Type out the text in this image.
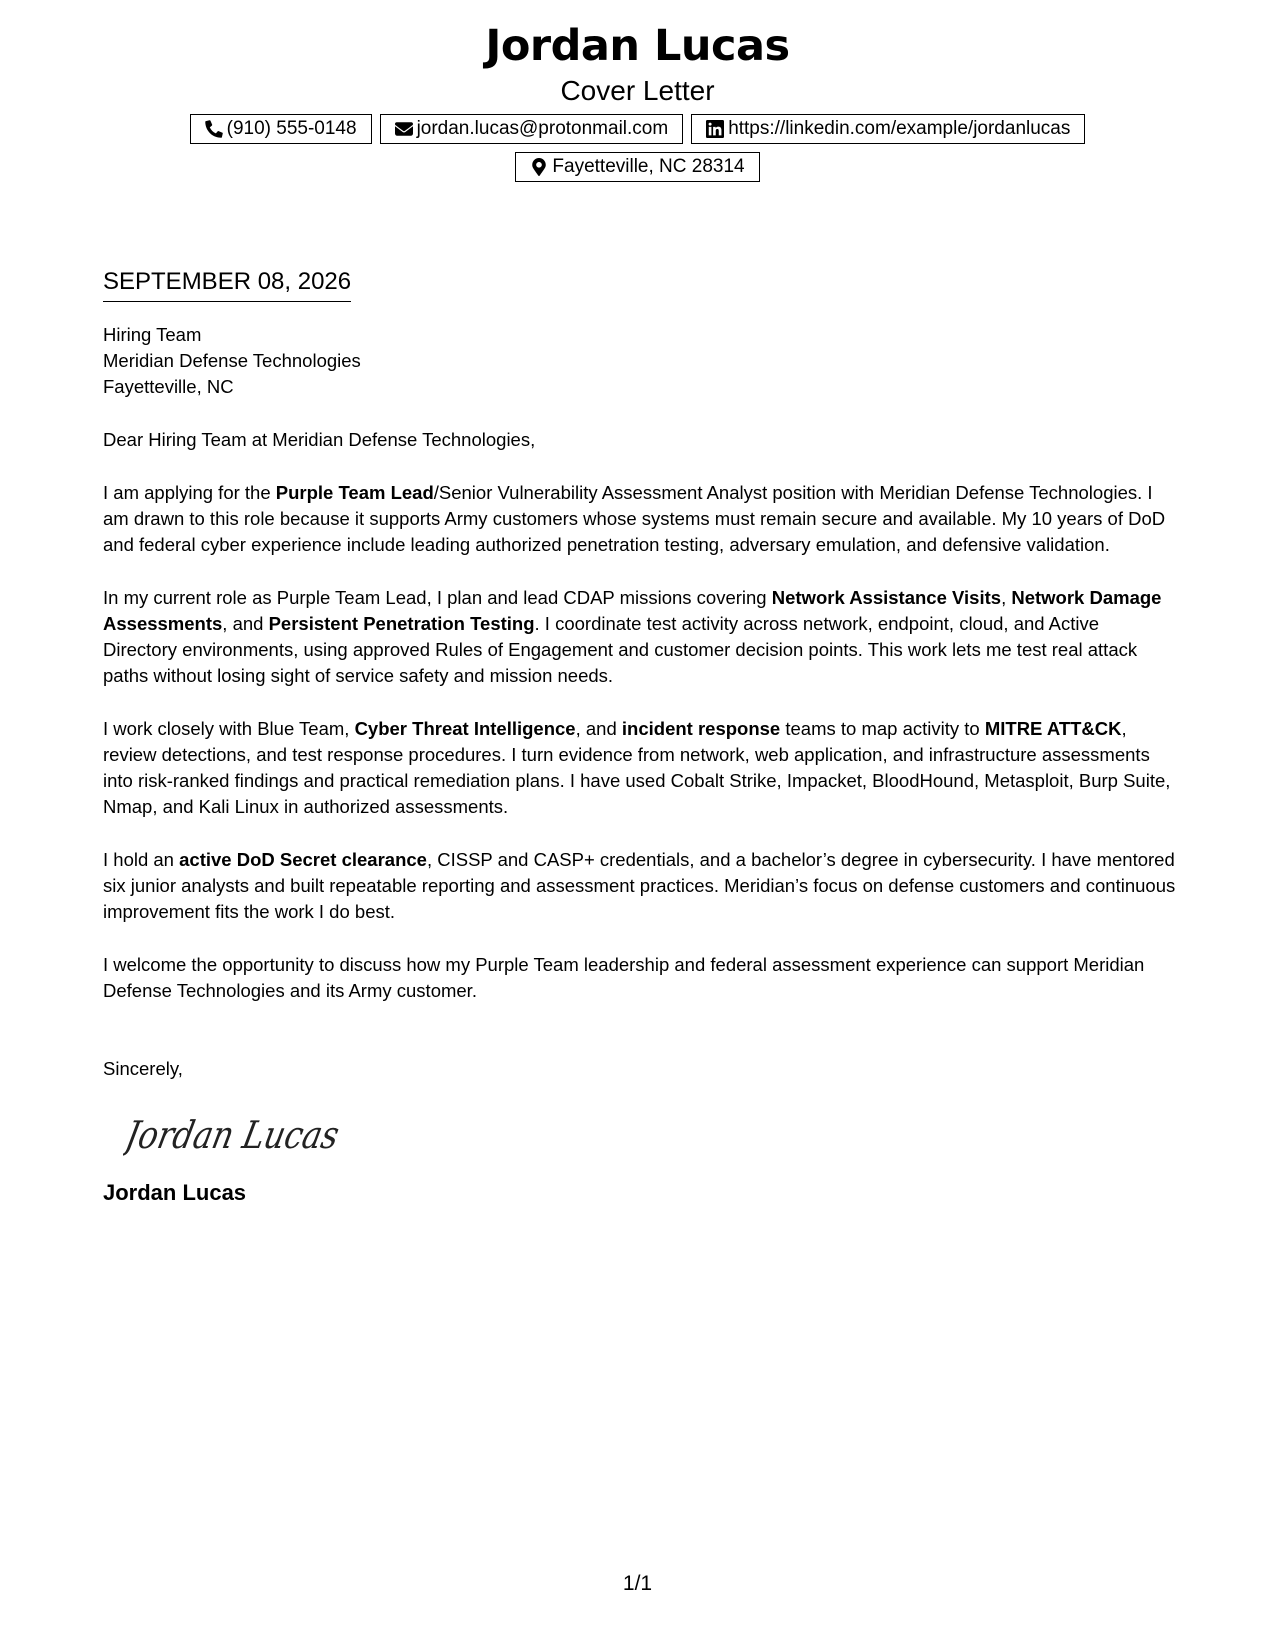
Jordan Lucas
Cover Letter
(910) 555-0148	jordan.lucas@protonmail.com	https://linkedin.com/example/jordanlucas
Fayetteville, NC 28314
SEPTEMBER 08, 2026
Hiring Team
Meridian Defense Technologies
Fayetteville, NC

Dear Hiring Team at Meridian Defense Technologies,

I am applying for the Purple Team Lead/Senior Vulnerability Assessment Analyst position with Meridian Defense Technologies. I am drawn to this role because it supports Army customers whose systems must remain secure and available. My 10 years of DoD and federal cyber experience include leading authorized penetration testing, adversary emulation, and defensive validation.

In my current role as Purple Team Lead, I plan and lead CDAP missions covering Network Assistance Visits, Network Damage Assessments, and Persistent Penetration Testing. I coordinate test activity across network, endpoint, cloud, and Active Directory environments, using approved Rules of Engagement and customer decision points. This work lets me test real attack paths without losing sight of service safety and mission needs.

I work closely with Blue Team, Cyber Threat Intelligence, and incident response teams to map activity to MITRE ATT&CK, review detections, and test response procedures. I turn evidence from network, web application, and infrastructure assessments into risk-ranked findings and practical remediation plans. I have used Cobalt Strike, Impacket, BloodHound, Metasploit, Burp Suite, Nmap, and Kali Linux in authorized assessments.

I hold an active DoD Secret clearance, CISSP and CASP+ credentials, and a bachelor’s degree in cybersecurity. I have mentored six junior analysts and built repeatable reporting and assessment practices. Meridian’s focus on defense customers and continuous improvement fits the work I do best.

I welcome the opportunity to discuss how my Purple Team leadership and federal assessment experience can support Meridian Defense Technologies and its Army customer.

Sincerely,

Jordan Lucas
Jordan Lucas
1/1
